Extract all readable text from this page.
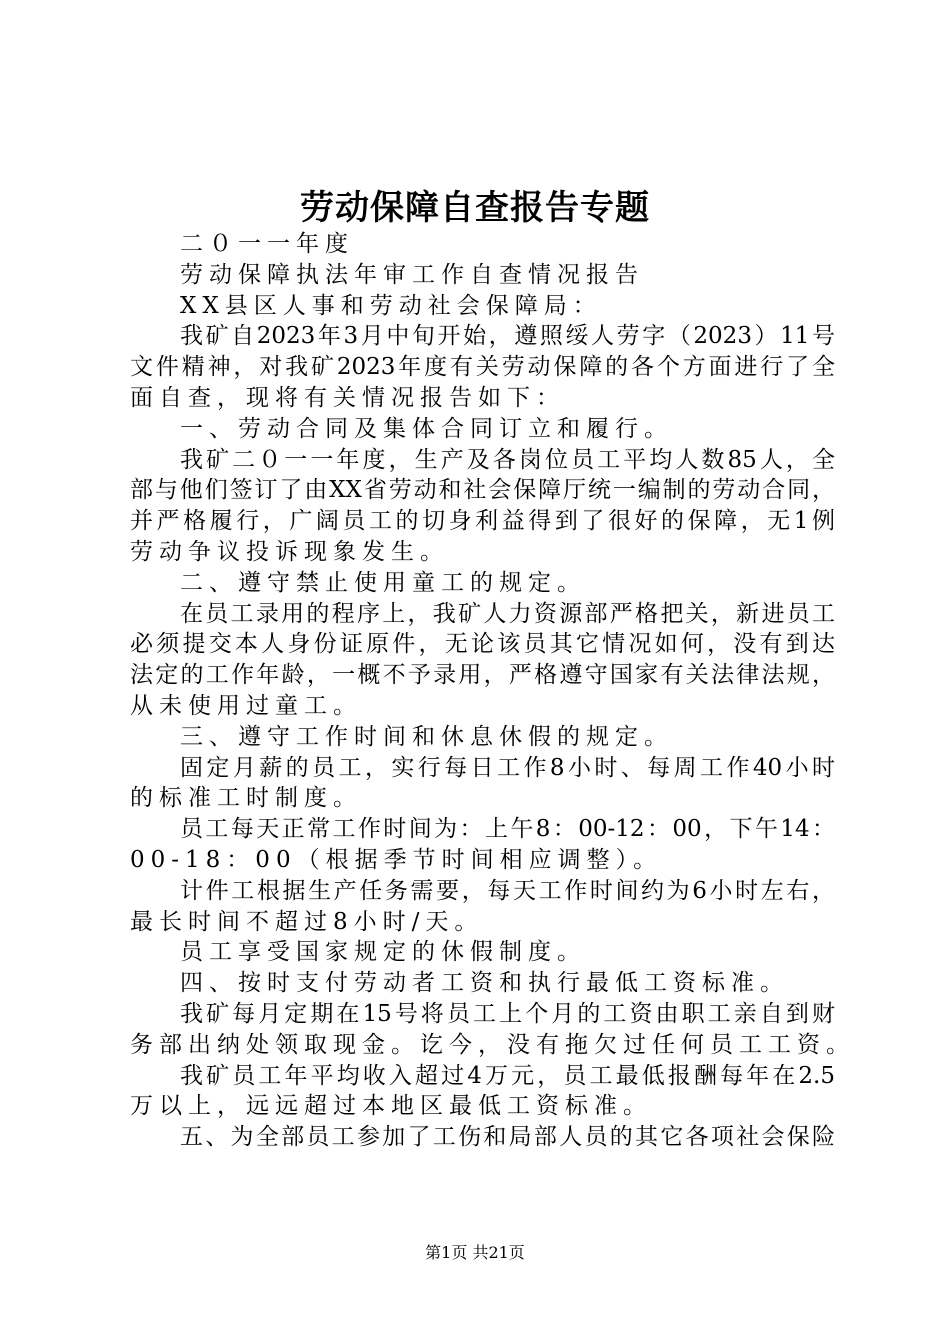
劳动保障自查报告专题
二０一一年度
劳动保障执法年审工作自查情况报告
XX县区人事和劳动社会保障局：
我矿自2023年3月中旬开始，遵照绥人劳字（2023）11号
文件精神，对我矿2023年度有关劳动保障的各个方面进行了全
面自查，现将有关情况报告如下：
一、劳动合同及集体合同订立和履行。
我矿二０一一年度，生产及各岗位员工平均人数85人，全
部与他们签订了由XX省劳动和社会保障厅统一编制的劳动合同，
并严格履行，广阔员工的切身利益得到了很好的保障，无1例
劳动争议投诉现象发生。
二、遵守禁止使用童工的规定。
在员工录用的程序上，我矿人力资源部严格把关，新进员工
必须提交本人身份证原件，无论该员其它情况如何，没有到达
法定的工作年龄，一概不予录用，严格遵守国家有关法律法规，
从未使用过童工。
三、遵守工作时间和休息休假的规定。
固定月薪的员工，实行每日工作8小时、每周工作40小时
的标准工时制度。
员工每天正常工作时间为：上午8：00-12：00，下午14：
00-18：00（根据季节时间相应调整）。
计件工根据生产任务需要，每天工作时间约为6小时左右，
最长时间不超过8小时/天。
员工享受国家规定的休假制度。
四、按时支付劳动者工资和执行最低工资标准。
我矿每月定期在15号将员工上个月的工资由职工亲自到财
务部出纳处领取现金。讫今，没有拖欠过任何员工工资。
我矿员工年平均收入超过4万元，员工最低报酬每年在2.5
万以上，远远超过本地区最低工资标准。
五、为全部员工参加了工伤和局部人员的其它各项社会保险
第1页 共21页
